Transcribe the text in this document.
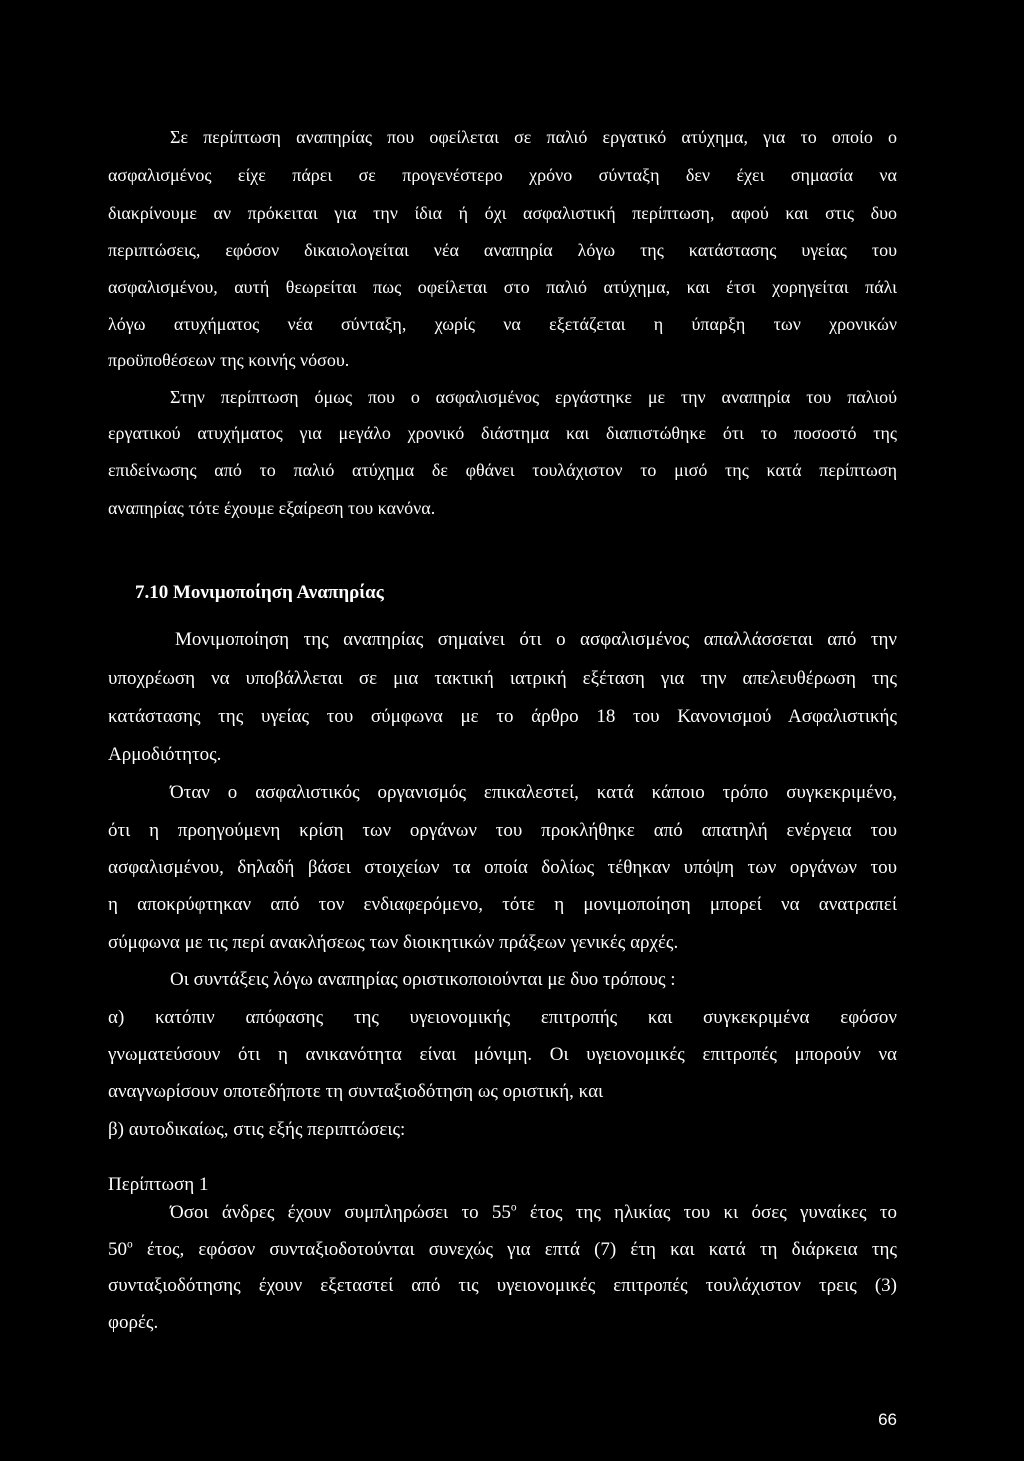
Σε περίπτωση αναπηρίας που οφείλεται σε παλιό εργατικό ατύχημα, για το οποίο ο
ασφαλισμένος είχε πάρει σε προγενέστερο χρόνο σύνταξη δεν έχει σημασία να
διακρίνουμε αν πρόκειται για την ίδια ή όχι ασφαλιστική περίπτωση, αφού και στις δυο
περιπτώσεις, εφόσον δικαιολογείται νέα αναπηρία λόγω της κατάστασης υγείας του
ασφαλισμένου, αυτή θεωρείται πως οφείλεται στο παλιό ατύχημα, και έτσι χορηγείται πάλι
λόγω ατυχήματος νέα σύνταξη, χωρίς να εξετάζεται η ύπαρξη των χρονικών
προϋποθέσεων της κοινής νόσου.
Στην περίπτωση όμως που ο ασφαλισμένος εργάστηκε με την αναπηρία του παλιού
εργατικού ατυχήματος για μεγάλο χρονικό διάστημα και διαπιστώθηκε ότι το ποσοστό της
επιδείνωσης από το παλιό ατύχημα δε φθάνει τουλάχιστον το μισό της κατά περίπτωση
αναπηρίας τότε έχουμε εξαίρεση του κανόνα.
7.10 Μονιμοποίηση Αναπηρίας
Μονιμοποίηση της αναπηρίας σημαίνει ότι ο ασφαλισμένος απαλλάσσεται από την
υποχρέωση να υποβάλλεται σε μια τακτική ιατρική εξέταση για την απελευθέρωση της
κατάστασης της υγείας του σύμφωνα με το άρθρο 18 του Κανονισμού Ασφαλιστικής
Αρμοδιότητος.
Όταν ο ασφαλιστικός οργανισμός επικαλεστεί, κατά κάποιο τρόπο συγκεκριμένο,
ότι η προηγούμενη κρίση των οργάνων του προκλήθηκε από απατηλή ενέργεια του
ασφαλισμένου, δηλαδή βάσει στοιχείων τα οποία δολίως τέθηκαν υπόψη των οργάνων του
η αποκρύφτηκαν από τον ενδιαφερόμενο, τότε η μονιμοποίηση μπορεί να ανατραπεί
σύμφωνα με τις περί ανακλήσεως των διοικητικών πράξεων γενικές αρχές.
Οι συντάξεις λόγω αναπηρίας οριστικοποιούνται με δυο τρόπους :
α) κατόπιν απόφασης της υγειονομικής επιτροπής και συγκεκριμένα εφόσον
γνωματεύσουν ότι η ανικανότητα είναι μόνιμη. Οι υγειονομικές επιτροπές μπορούν να
αναγνωρίσουν οποτεδήποτε τη συνταξιοδότηση ως οριστική, και
β) αυτοδικαίως, στις εξής περιπτώσεις:
Περίπτωση 1
Όσοι άνδρες έχουν συμπληρώσει το $55^o$ έτος της ηλικίας του κι όσες γυναίκες το
$50^o$ έτος, εφόσον συνταξιοδοτούνται συνεχώς για επτά (7) έτη και κατά τη διάρκεια της
συνταξιοδότησης έχουν εξεταστεί από τις υγειονομικές επιτροπές τουλάχιστον τρεις (3)
φορές.
66
